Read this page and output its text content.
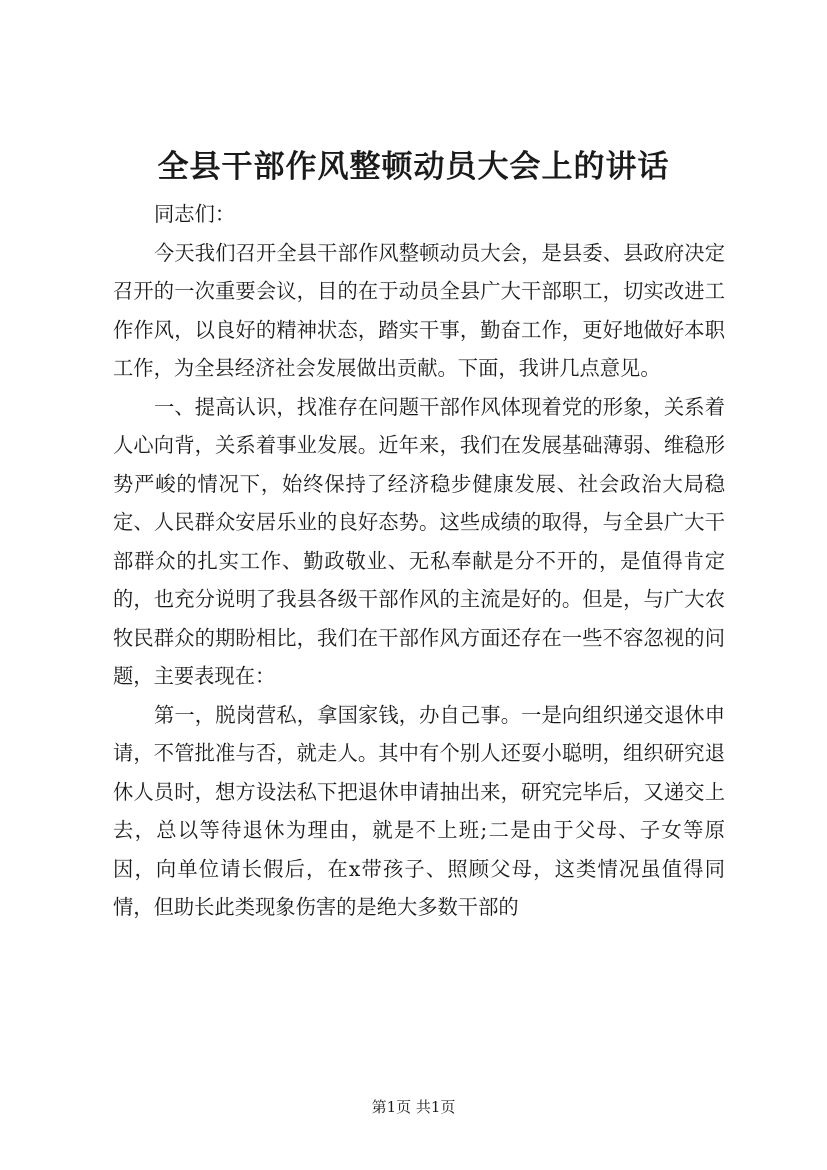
全县干部作风整顿动员大会上的讲话

同志们：

今天我们召开全县干部作风整顿动员大会，是县委、县政府决定召开的一次重要会议，目的在于动员全县广大干部职工，切实改进工作作风，以良好的精神状态，踏实干事，勤奋工作，更好地做好本职工作，为全县经济社会发展做出贡献。下面，我讲几点意见。

一、提高认识，找准存在问题干部作风体现着党的形象，关系着人心向背，关系着事业发展。近年来，我们在发展基础薄弱、维稳形势严峻的情况下，始终保持了经济稳步健康发展、社会政治大局稳定、人民群众安居乐业的良好态势。这些成绩的取得，与全县广大干部群众的扎实工作、勤政敬业、无私奉献是分不开的，是值得肯定的，也充分说明了我县各级干部作风的主流是好的。但是，与广大农牧民群众的期盼相比，我们在干部作风方面还存在一些不容忽视的问题，主要表现在：

第一，脱岗营私，拿国家钱，办自己事。一是向组织递交退休申请，不管批准与否，就走人。其中有个别人还耍小聪明，组织研究退休人员时，想方设法私下把退休申请抽出来，研究完毕后，又递交上去，总以等待退休为理由，就是不上班;二是由于父母、子女等原因，向单位请长假后，在x带孩子、照顾父母，这类情况虽值得同情，但助长此类现象伤害的是绝大多数干部的

第1页 共1页
